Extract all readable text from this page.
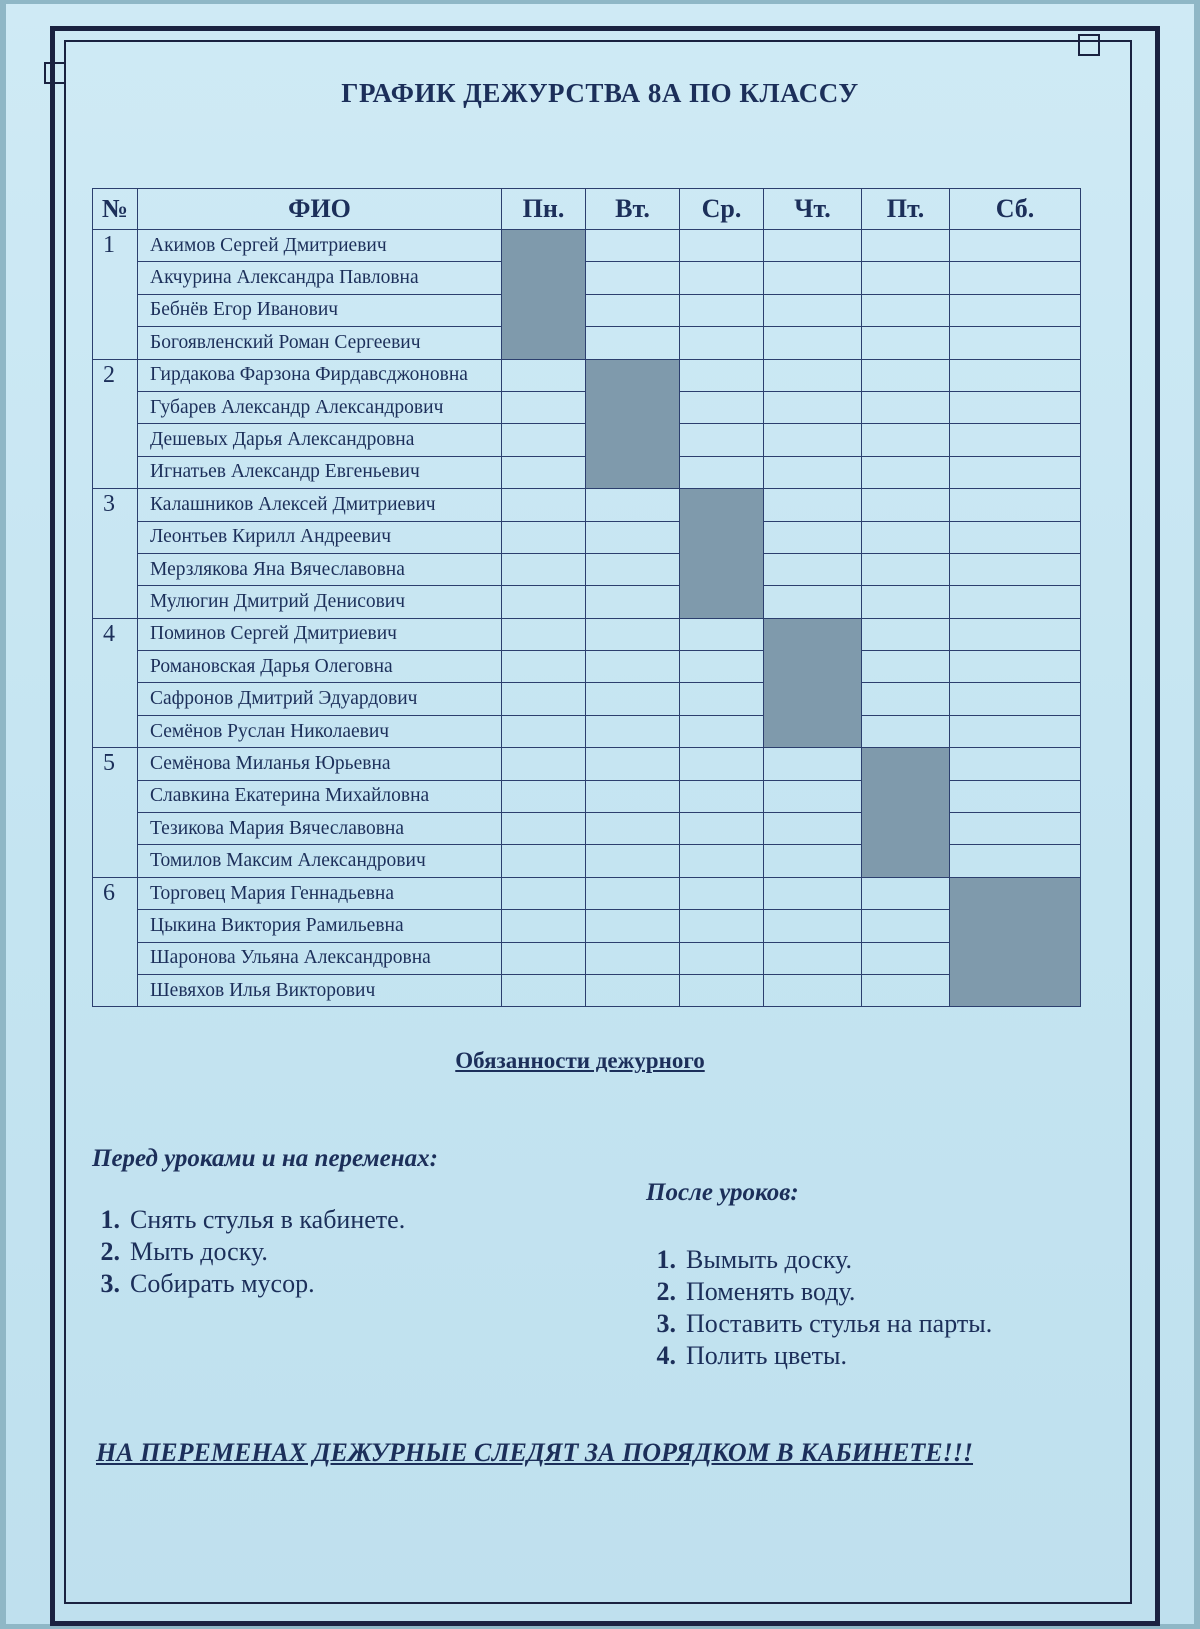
ГРАФИК ДЕЖУРСТВА 8А ПО КЛАССУ
№	ФИО	Пн.	Вт.	Ср.	Чт.	Пт.	Сб.
1	Акимов Сергей Дмитриевич						
	Акчурина Александра Павловна						
	Бебнёв Егор Иванович						
	Богоявленский Роман Сергеевич						
2	Гирдакова Фарзона Фирдавсджоновна						
	Губарев Александр Александрович						
	Дешевых Дарья Александровна						
	Игнатьев Александр Евгеньевич						
3	Калашников Алексей Дмитриевич						
	Леонтьев Кирилл Андреевич						
	Мерзлякова Яна Вячеславовна						
	Мулюгин Дмитрий Денисович						
4	Поминов Сергей Дмитриевич						
	Романовская Дарья Олеговна						
	Сафронов Дмитрий Эдуардович						
	Семёнов Руслан Николаевич						
5	Семёнова Миланья Юрьевна						
	Славкина Екатерина Михайловна						
	Тезикова Мария Вячеславовна						
	Томилов Максим Александрович						
6	Торговец Мария Геннадьевна						
	Цыкина Виктория Рамильевна						
	Шаронова Ульяна Александровна						
	Шевяхов Илья Викторович						
Обязанности дежурного
Перед уроками и на переменах:
1. Снять стулья в кабинете.
2. Мыть доску.
3. Собирать мусор.
После уроков:
1. Вымыть доску.
2. Поменять воду.
3. Поставить стулья на парты.
4. Полить цветы.
НА ПЕРЕМЕНАХ ДЕЖУРНЫЕ СЛЕДЯТ ЗА ПОРЯДКОМ В КАБИНЕТЕ!!!
